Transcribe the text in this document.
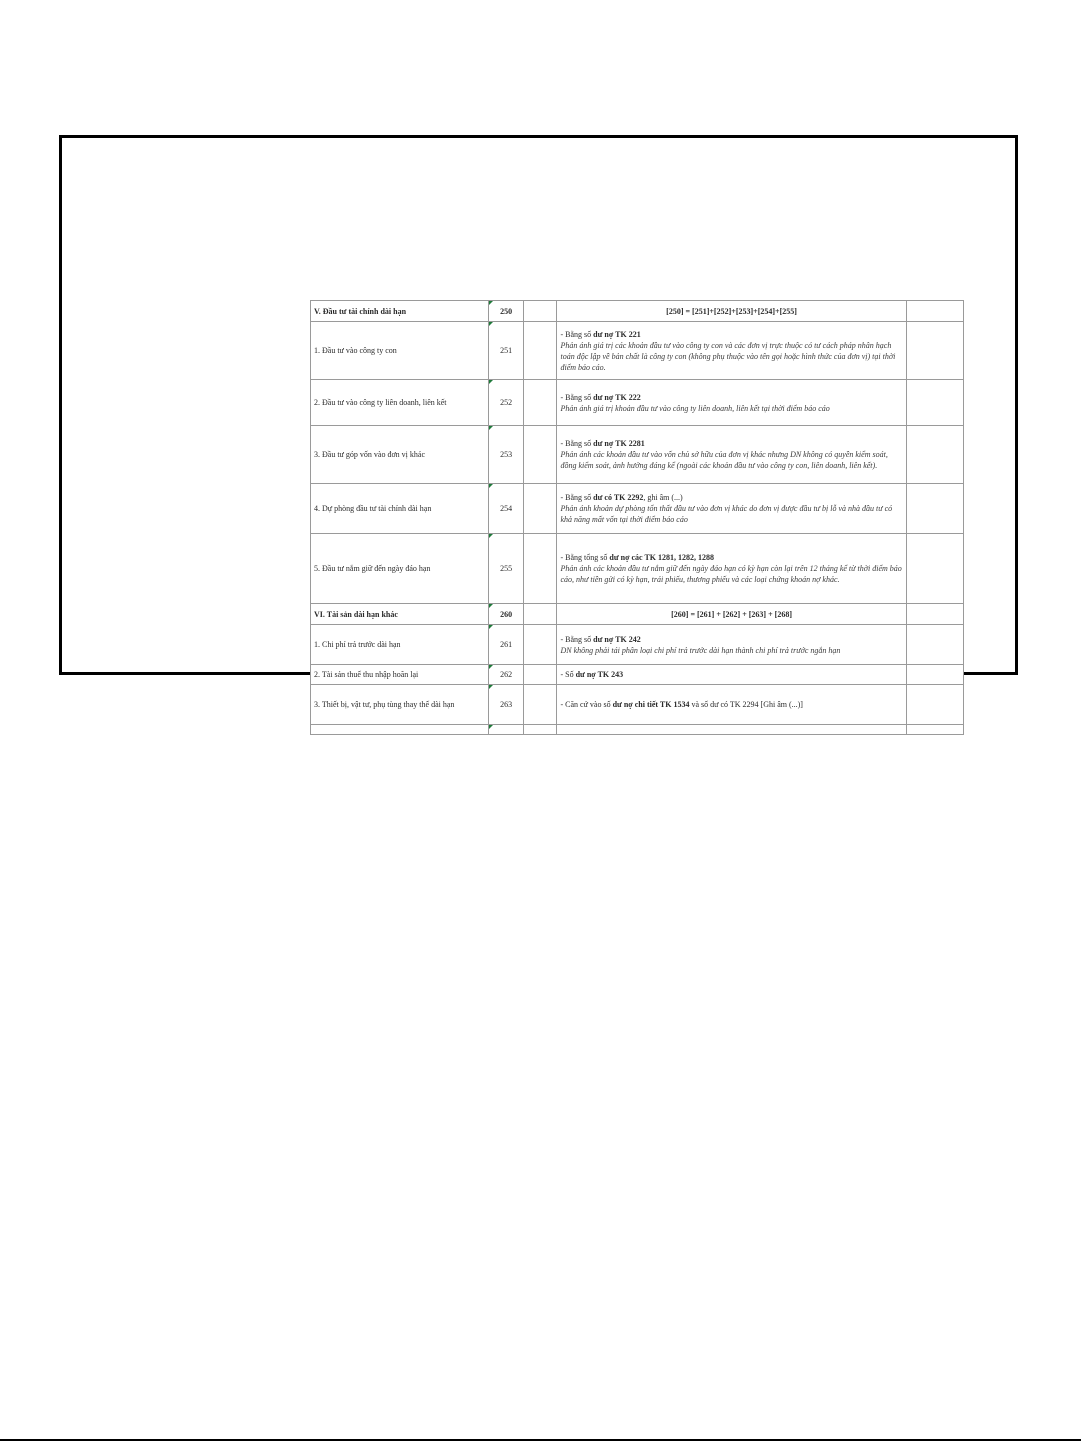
V. Đầu tư tài chính dài hạn	250		[250] = [251]+[252]+[253]+[254]+[255]	
1. Đầu tư vào công ty con	251		- Bằng số dư nợ TK 221
Phản ánh giá trị các khoản đầu tư vào công ty con và các đơn vị trực thuộc có tư cách pháp nhân hạch toán độc lập về bản chất là công ty con (không phụ thuộc vào tên gọi hoặc hình thức của đơn vị) tại thời điểm báo cáo.	

2. Đầu tư vào công ty liên doanh, liên kết	252		- Bằng số dư nợ TK 222
Phản ánh giá trị khoản đầu tư vào công ty liên doanh, liên kết tại thời điểm báo cáo	

3. Đầu tư góp vốn vào đơn vị khác	253		- Bằng số dư nợ TK 2281
Phản ánh các khoản đầu tư vào vốn chủ sở hữu của đơn vị khác nhưng DN không có quyền kiểm soát, đồng kiểm soát, ảnh hưởng đáng kể (ngoài các khoản đầu tư vào công ty con, liên doanh, liên kết).	

4. Dự phòng đầu tư tài chính dài hạn	254		- Bằng số dư có TK 2292, ghi âm (...)
Phản ánh khoản dự phòng tổn thất đầu tư vào đơn vị khác do đơn vị được đầu tư bị lỗ và nhà đầu tư có khả năng mất vốn tại thời điểm báo cáo	

5. Đầu tư nắm giữ đến ngày đáo hạn	255		- Bằng tổng số dư nợ các TK 1281, 1282, 1288
Phản ánh các khoản đầu tư nắm giữ đến ngày đáo hạn có kỳ hạn còn lại trên 12 tháng kể từ thời điểm báo cáo, như tiền gửi có kỳ hạn, trái phiếu, thương phiếu và các loại chứng khoán nợ khác.	

VI. Tài sản dài hạn khác	260		[260] = [261] + [262] + [263] + [268]	
1. Chi phí trả trước dài hạn	261		- Bằng số dư nợ TK 242
DN không phải tái phân loại chi phí trả trước dài hạn thành chi phí trả trước ngắn hạn	

2. Tài sản thuế thu nhập hoãn lại	262		- Số dư nợ TK 243	

3. Thiết bị, vật tư, phụ tùng thay thế dài hạn	263		- Căn cứ vào số dư nợ chi tiết TK 1534 và số dư có TK 2294 [Ghi âm (...)]	
